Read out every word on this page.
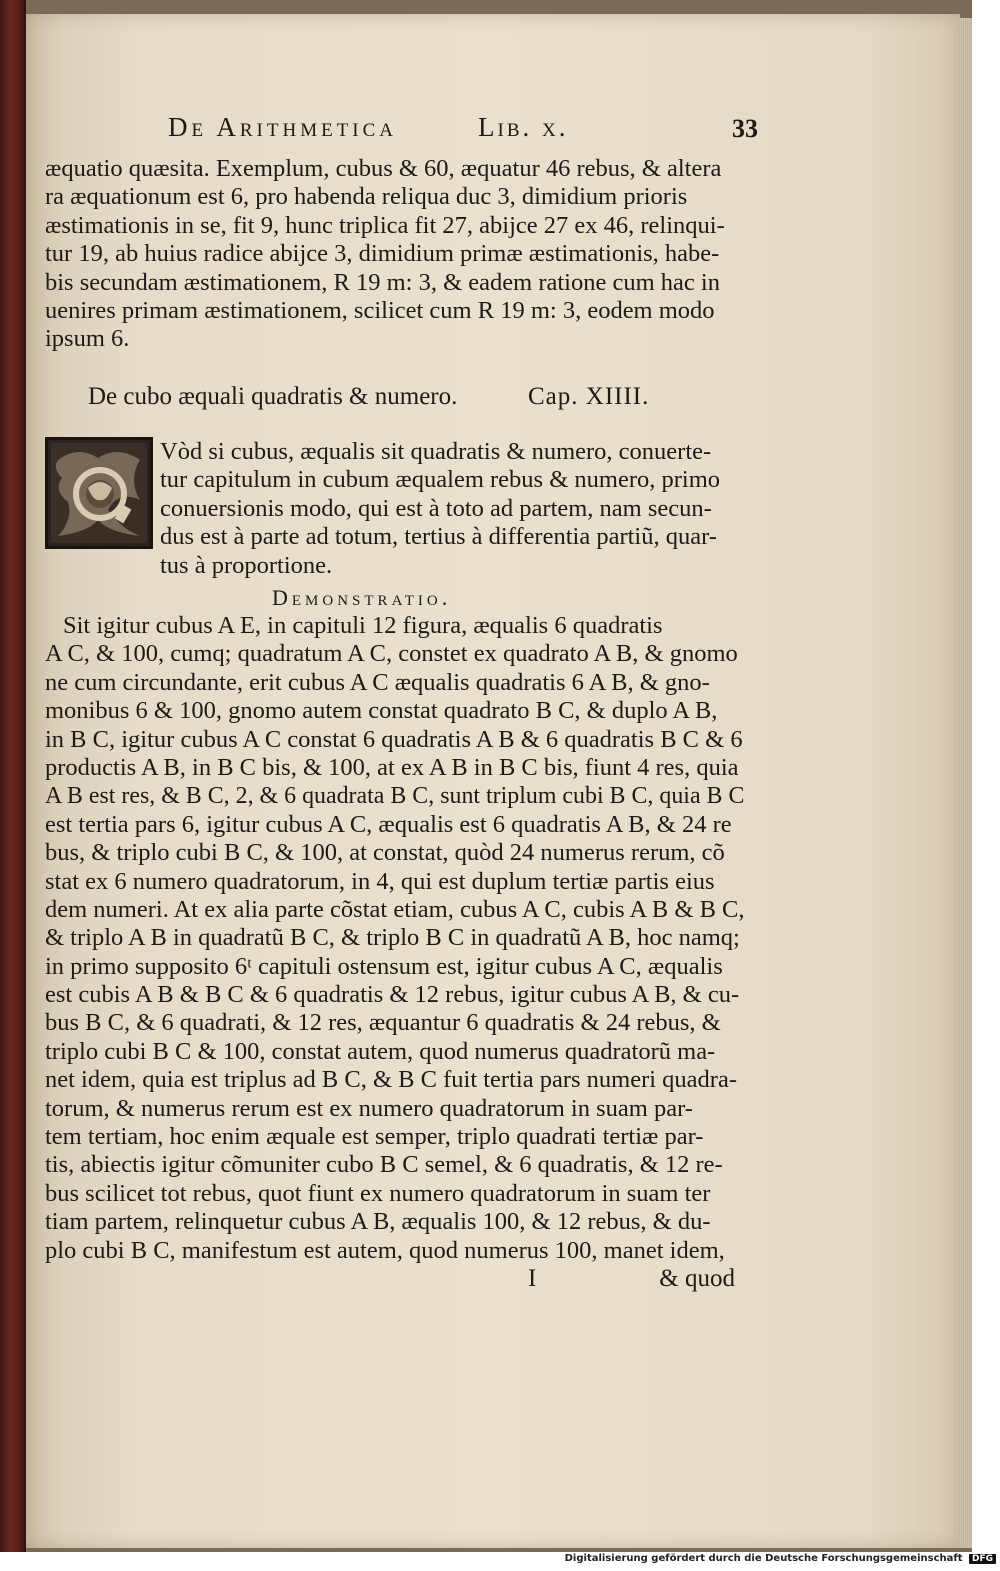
De Arithmetica	Lib. x.	33
æquatio quæsita. Exemplum, cubus & 60, æquatur 46 rebus, & altera
ra æquationum est 6, pro habenda reliqua duc 3, dimidium prioris
æstimationis in se, fit 9, hunc triplica fit 27, abijce 27 ex 46, relinqui-
tur 19, ab huius radice abijce 3, dimidium primæ æstimationis, habe-
bis secundam æstimationem, R 19 m: 3, & eadem ratione cum hac in
uenires primam æstimationem, scilicet cum R 19 m: 3, eodem modo
ipsum 6.
De cubo æquali quadratis & numero.	Cap. XIIII.
Vòd si cubus, æqualis sit quadratis & numero, conuerte-
tur capitulum in cubum æqualem rebus & numero, primo
conuersionis modo, qui est à toto ad partem, nam secun-
dus est à parte ad totum, tertius à differentia partiũ, quar-
tus à proportione.
Demonstratio.
Sit igitur cubus A E, in capituli 12 figura, æqualis 6 quadratis
A C, & 100, cumq; quadratum A C, constet ex quadrato A B, & gnomo
ne cum circundante, erit cubus A C æqualis quadratis 6 A B, & gno-
monibus 6 & 100, gnomo autem constat quadrato B C, & duplo A B,
in B C, igitur cubus A C constat 6 quadratis A B & 6 quadratis B C & 6
productis A B, in B C bis, & 100, at ex A B in B C bis, fiunt 4 res, quia
A B est res, & B C, 2, & 6 quadrata B C, sunt triplum cubi B C, quia B C
est tertia pars 6, igitur cubus A C, æqualis est 6 quadratis A B, & 24 re
bus, & triplo cubi B C, & 100, at constat, quòd 24 numerus rerum, cõ
stat ex 6 numero quadratorum, in 4, qui est duplum tertiæ partis eius
dem numeri. At ex alia parte cõstat etiam, cubus A C, cubis A B & B C,
& triplo A B in quadratũ B C, & triplo B C in quadratũ A B, hoc namq;
in primo supposito 6ᵗ capituli ostensum est, igitur cubus A C, æqualis
est cubis A B & B C & 6 quadratis & 12 rebus, igitur cubus A B, & cu-
bus B C, & 6 quadrati, & 12 res, æquantur 6 quadratis & 24 rebus, &
triplo cubi B C & 100, constat autem, quod numerus quadratorũ ma-
net idem, quia est triplus ad B C, & B C fuit tertia pars numeri quadra-
torum, & numerus rerum est ex numero quadratorum in suam par-
tem tertiam, hoc enim æquale est semper, triplo quadrati tertiæ par-
tis, abiectis igitur cõmuniter cubo B C semel, & 6 quadratis, & 12 re-
bus scilicet tot rebus, quot fiunt ex numero quadratorum in suam ter
tiam partem, relinquetur cubus A B, æqualis 100, & 12 rebus, & du-
plo cubi B C, manifestum est autem, quod numerus 100, manet idem,
I	& quod
Digitalisierung gefördert durch die Deutsche Forschungsgemeinschaft DFG
